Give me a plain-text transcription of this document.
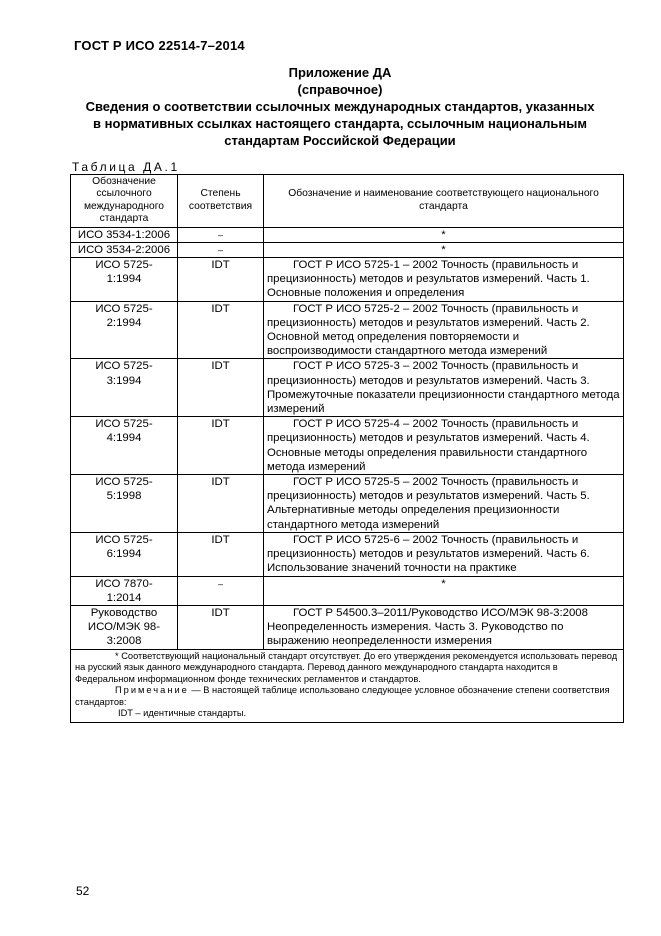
ГОСТ Р ИСО 22514-7–2014
Приложение ДА
(справочное)
Сведения о соответствии ссылочных международных стандартов, указанных
в нормативных ссылках настоящего стандарта, ссылочным национальным
стандартам Российской Федерации
Таблица ДА.1
Обозначение ссылочного международного стандарта	Степень соответствия	Обозначение и наименование соответствующего национального стандарта
ИСО 3534-1:2006	–	*
ИСО 3534-2:2006	–	*
ИСО 5725-1:1994	IDT	ГОСТ Р ИСО 5725-1 – 2002 Точность (правильность и прецизионность) методов и результатов измерений. Часть 1. Основные положения и определения
ИСО 5725-2:1994	IDT	ГОСТ Р ИСО 5725-2 – 2002 Точность (правильность и прецизионность) методов и результатов измерений. Часть 2. Основной метод определения повторяемости и воспроизводимости стандартного метода измерений
ИСО 5725-3:1994	IDT	ГОСТ Р ИСО 5725-3 – 2002 Точность (правильность и прецизионность) методов и результатов измерений. Часть 3. Промежуточные показатели прецизионности стандартного метода измерений
ИСО 5725-4:1994	IDT	ГОСТ Р ИСО 5725-4 – 2002 Точность (правильность и прецизионность) методов и результатов измерений. Часть 4. Основные методы определения правильности стандартного метода измерений
ИСО 5725-5:1998	IDT	ГОСТ Р ИСО 5725-5 – 2002 Точность (правильность и прецизионность) методов и результатов измерений. Часть 5. Альтернативные методы определения прецизионности стандартного метода измерений
ИСО 5725-6:1994	IDT	ГОСТ Р ИСО 5725-6 – 2002 Точность (правильность и прецизионность) методов и результатов измерений. Часть 6. Использование значений точности на практике
ИСО 7870-1:2014	–	*
Руководство ИСО/МЭК 98-3:2008	IDT	ГОСТ Р 54500.3–2011/Руководство ИСО/МЭК 98-3:2008 Неопределенность измерения. Часть 3. Руководство по выражению неопределенности измерения

* Соответствующий национальный стандарт отсутствует. До его утверждения рекомендуется использовать перевод на русский язык данного международного стандарта. Перевод данного международного стандарта находится в Федеральном информационном фонде технических регламентов и стандартов.

Примечание — В настоящей таблице использовано следующее условное обозначение степени соответствия стандартов:

IDT – идентичные стандарты.		

52
